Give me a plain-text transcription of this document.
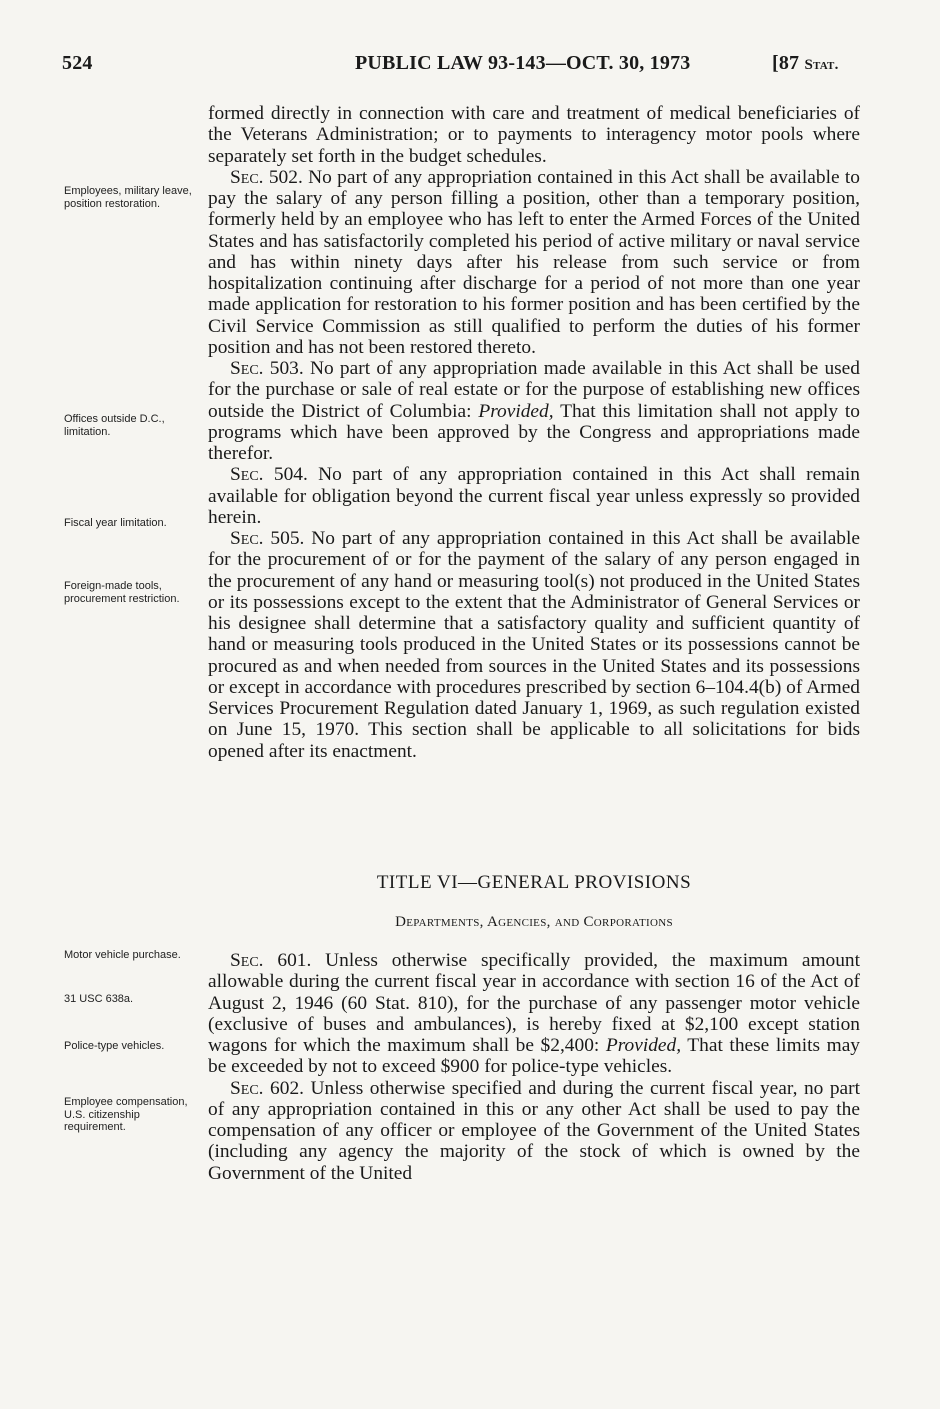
524	PUBLIC LAW 93-143—OCT. 30, 1973	[87 Stat.
Employees, military leave, position restoration.
Offices outside D.C., limitation.
Fiscal year limitation.
Foreign-made tools, procurement restriction.
Motor vehicle purchase.
31 USC 638a.
Police-type vehicles.
Employee compensation, U.S. citizenship requirement.

formed directly in connection with care and treatment of medical beneficiaries of the Veterans Administration; or to payments to interagency motor pools where separately set forth in the budget schedules.

Sec. 502. No part of any appropriation contained in this Act shall be available to pay the salary of any person filling a position, other than a temporary position, formerly held by an employee who has left to enter the Armed Forces of the United States and has satisfactorily completed his period of active military or naval service and has within ninety days after his release from such service or from hospitalization continuing after discharge for a period of not more than one year made application for restoration to his former position and has been certified by the Civil Service Commission as still qualified to perform the duties of his former position and has not been restored thereto.

Sec. 503. No part of any appropriation made available in this Act shall be used for the purchase or sale of real estate or for the purpose of establishing new offices outside the District of Columbia: Provided, That this limitation shall not apply to programs which have been approved by the Congress and appropriations made therefor.

Sec. 504. No part of any appropriation contained in this Act shall remain available for obligation beyond the current fiscal year unless expressly so provided herein.

Sec. 505. No part of any appropriation contained in this Act shall be available for the procurement of or for the payment of the salary of any person engaged in the procurement of any hand or measuring tool(s) not produced in the United States or its possessions except to the extent that the Administrator of General Services or his designee shall determine that a satisfactory quality and sufficient quantity of hand or measuring tools produced in the United States or its possessions cannot be procured as and when needed from sources in the United States and its possessions or except in accordance with procedures prescribed by section 6–104.4(b) of Armed Services Procurement Regulation dated January 1, 1969, as such regulation existed on June 15, 1970. This section shall be applicable to all solicitations for bids opened after its enactment.

TITLE VI—GENERAL PROVISIONS
Departments, Agencies, and Corporations

Sec. 601. Unless otherwise specifically provided, the maximum amount allowable during the current fiscal year in accordance with section 16 of the Act of August 2, 1946 (60 Stat. 810), for the purchase of any passenger motor vehicle (exclusive of buses and ambulances), is hereby fixed at $2,100 except station wagons for which the maximum shall be $2,400: Provided, That these limits may be exceeded by not to exceed $900 for police-type vehicles.

Sec. 602. Unless otherwise specified and during the current fiscal year, no part of any appropriation contained in this or any other Act shall be used to pay the compensation of any officer or employee of the Government of the United States (including any agency the majority of the stock of which is owned by the Government of the United
